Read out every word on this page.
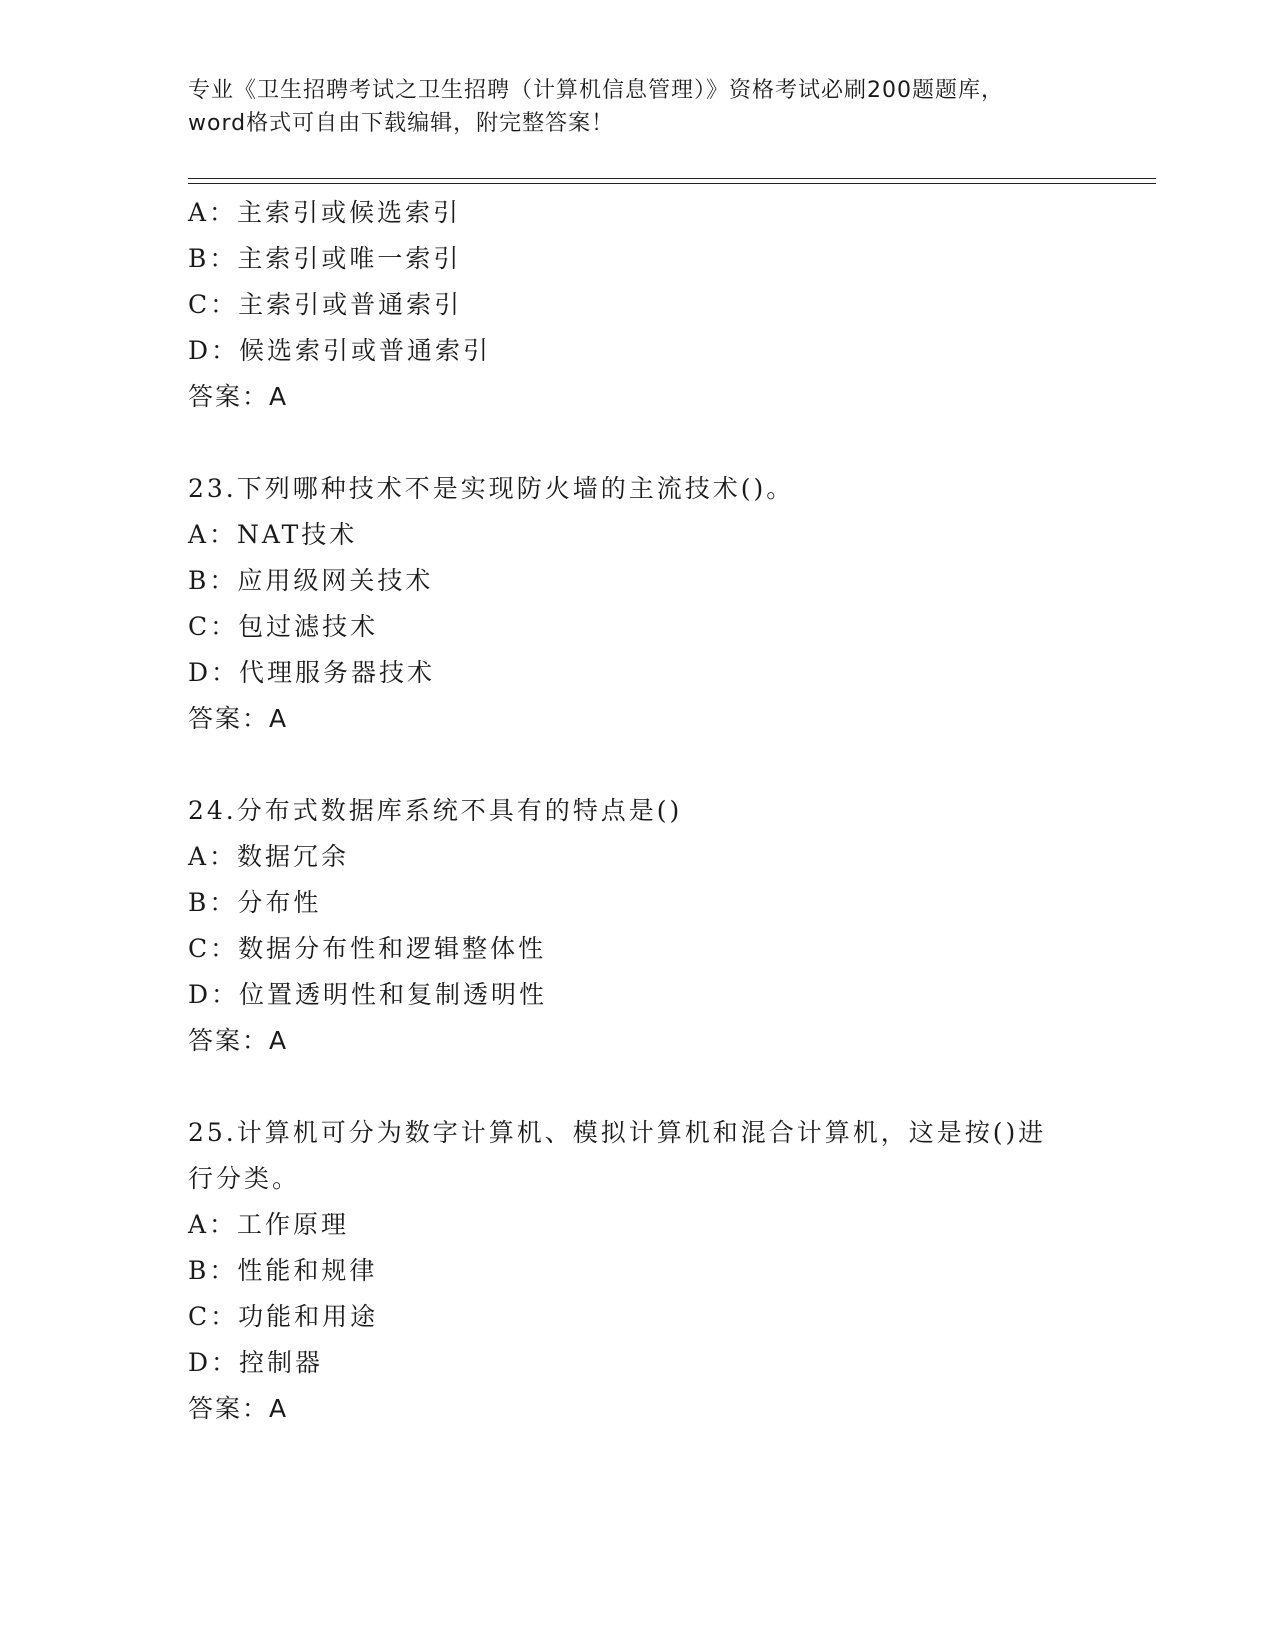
专业《卫生招聘考试之卫生招聘（计算机信息管理）》资格考试必刷200题题库，
word格式可自由下载编辑，附完整答案！
A：主索引或候选索引
B：主索引或唯一索引
C：主索引或普通索引
D：候选索引或普通索引
答案：A
23.下列哪种技术不是实现防火墙的主流技术()。
A：NAT技术
B：应用级网关技术
C：包过滤技术
D：代理服务器技术
答案：A
24.分布式数据库系统不具有的特点是()
A：数据冗余
B：分布性
C：数据分布性和逻辑整体性
D：位置透明性和复制透明性
答案：A
25.计算机可分为数字计算机、模拟计算机和混合计算机，这是按()进
行分类。
A：工作原理
B：性能和规律
C：功能和用途
D：控制器
答案：A
